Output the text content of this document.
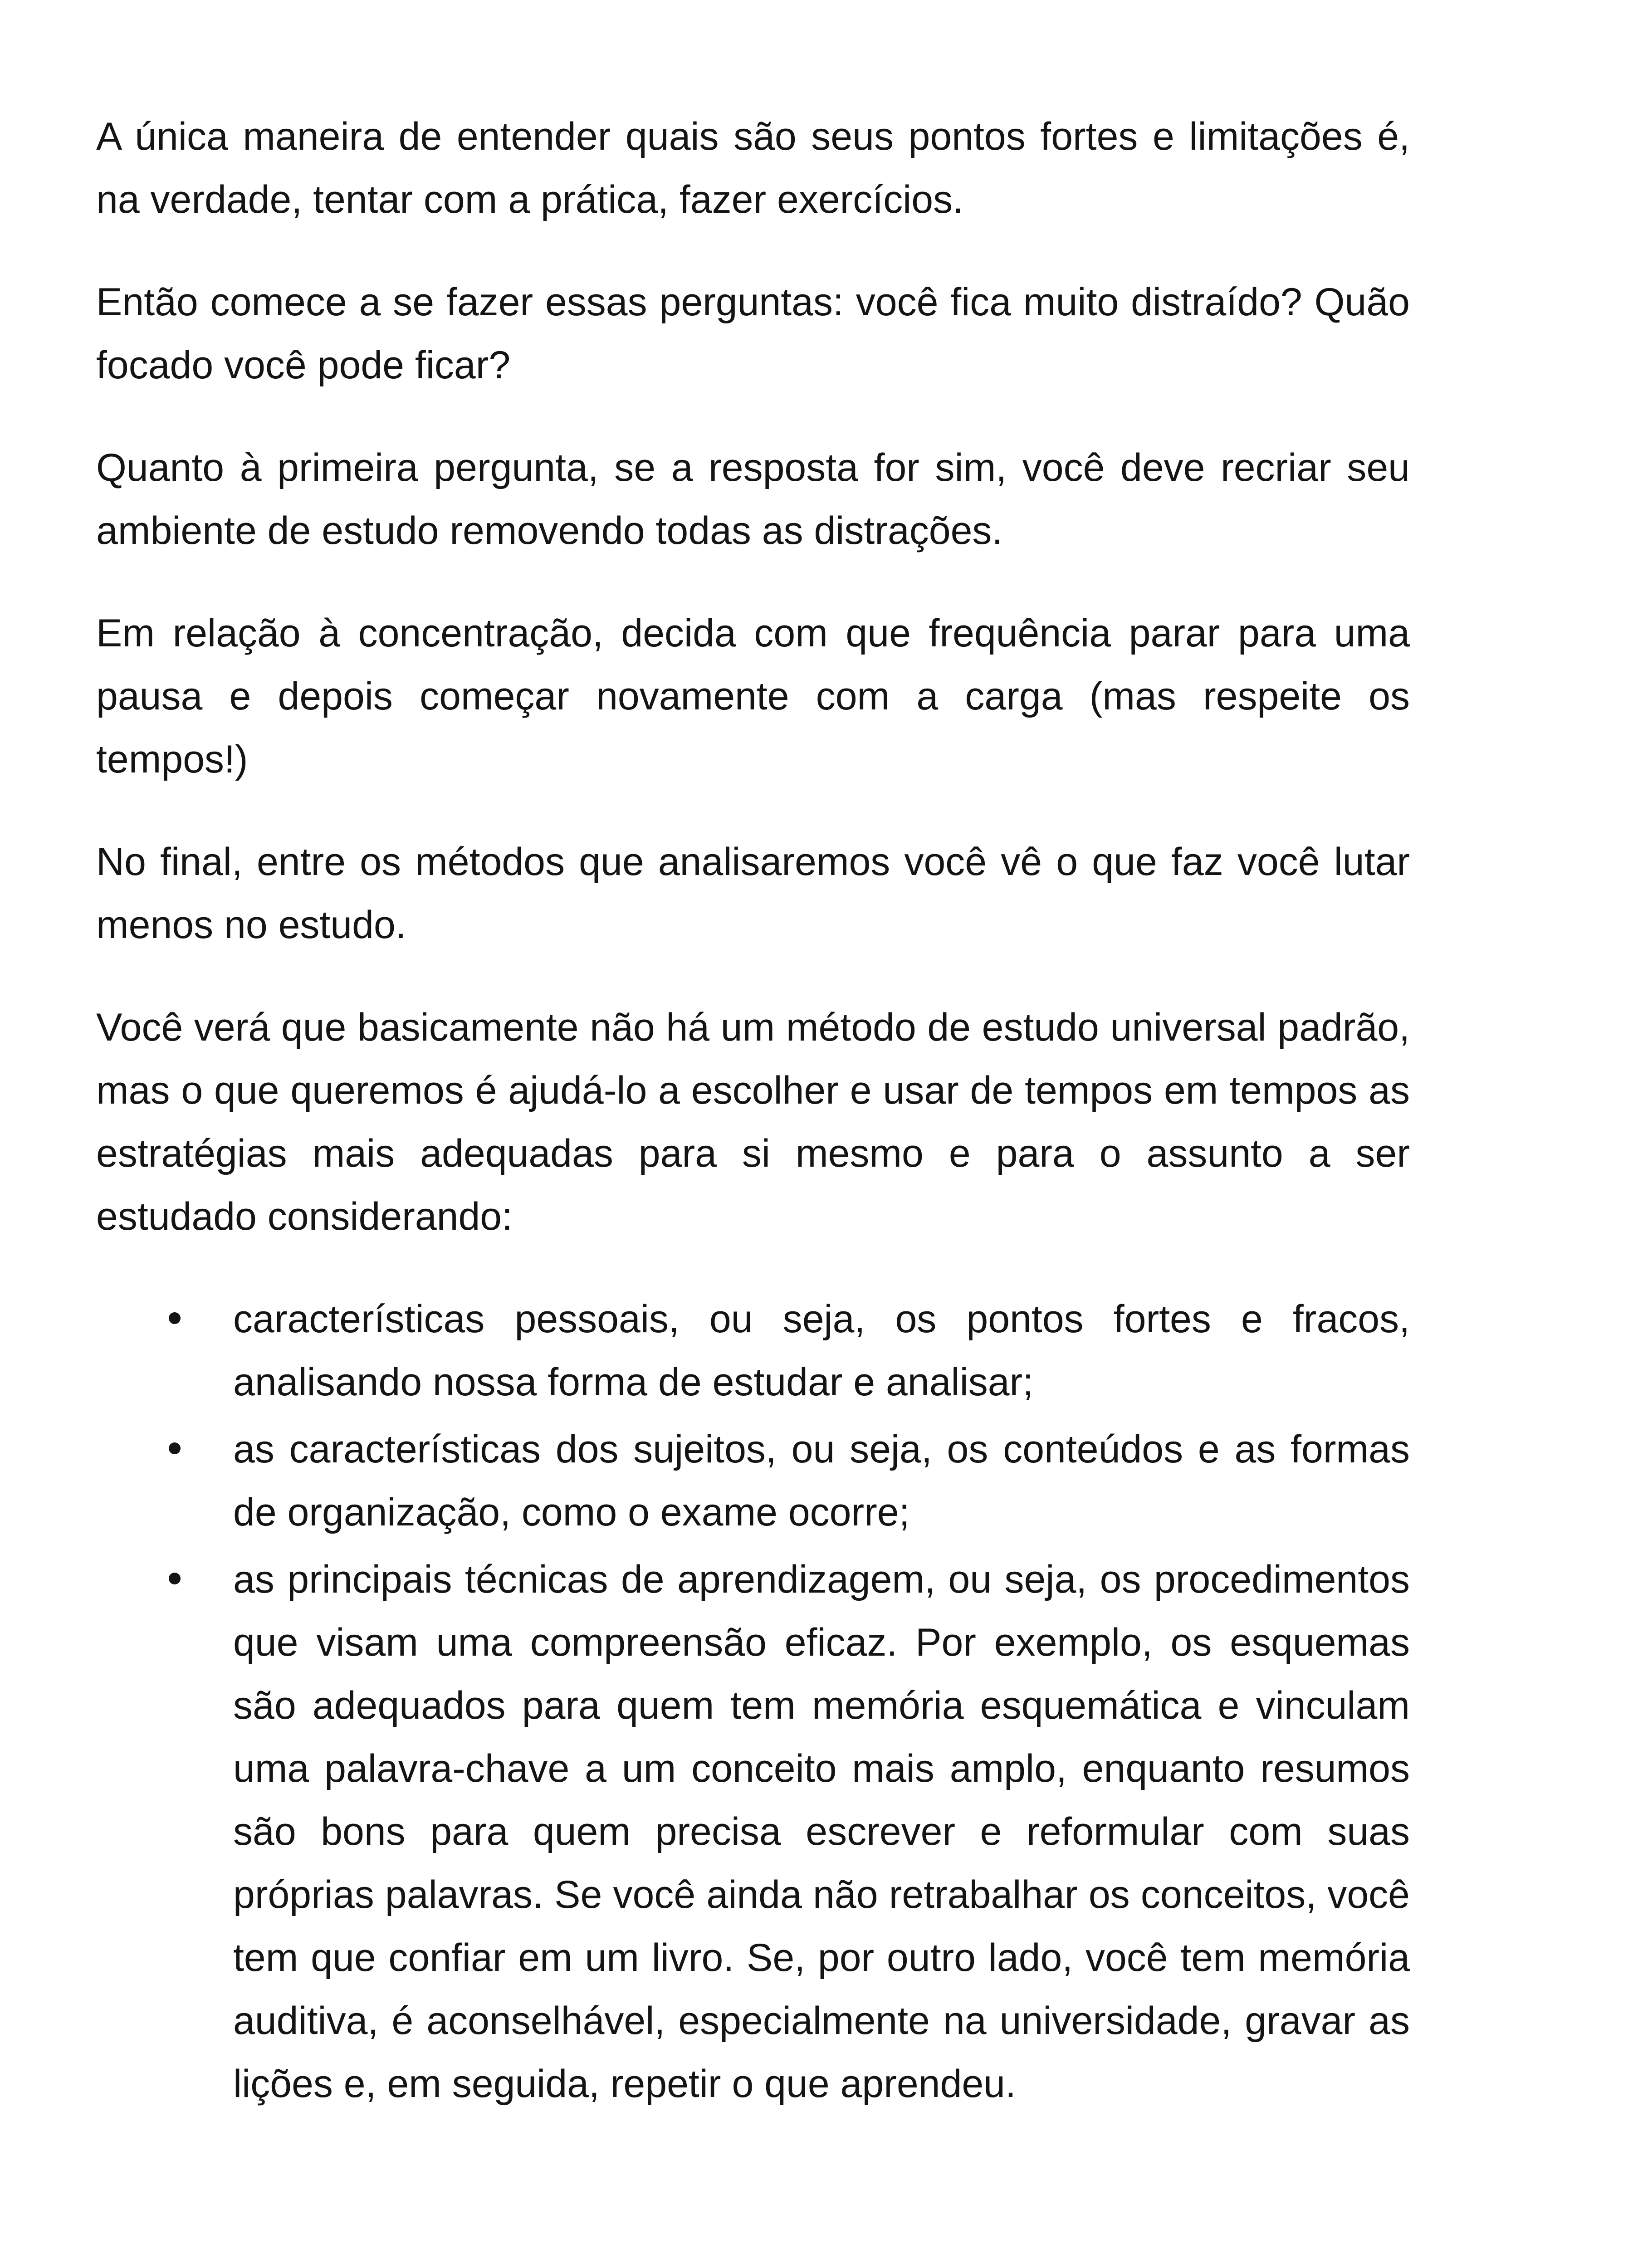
A única maneira de entender quais são seus pontos fortes e limitações é, na verdade, tentar com a prática, fazer exercícios.

Então comece a se fazer essas perguntas: você fica muito distraído? Quão focado você pode ficar?

Quanto à primeira pergunta, se a resposta for sim, você deve recriar seu ambiente de estudo removendo todas as distrações.

Em relação à concentração, decida com que frequência parar para uma pausa e depois começar novamente com a carga (mas respeite os tempos!)

No final, entre os métodos que analisaremos você vê o que faz você lutar menos no estudo.

Você verá que basicamente não há um método de estudo universal padrão, mas o que queremos é ajudá-lo a escolher e usar de tempos em tempos as estratégias mais adequadas para si mesmo e para o assunto a ser estudado considerando:

características pessoais, ou seja, os pontos fortes e fracos, analisando nossa forma de estudar e analisar;
as características dos sujeitos, ou seja, os conteúdos e as formas de organização, como o exame ocorre;
as principais técnicas de aprendizagem, ou seja, os procedimentos que visam uma compreensão eficaz. Por exemplo, os esquemas são adequados para quem tem memória esquemática e vinculam uma palavra-chave a um conceito mais amplo, enquanto resumos são bons para quem precisa escrever e reformular com suas próprias palavras. Se você ainda não retrabalhar os conceitos, você tem que confiar em um livro. Se, por outro lado, você tem memória auditiva, é aconselhável, especialmente na universidade, gravar as lições e, em seguida, repetir o que aprendeu.
